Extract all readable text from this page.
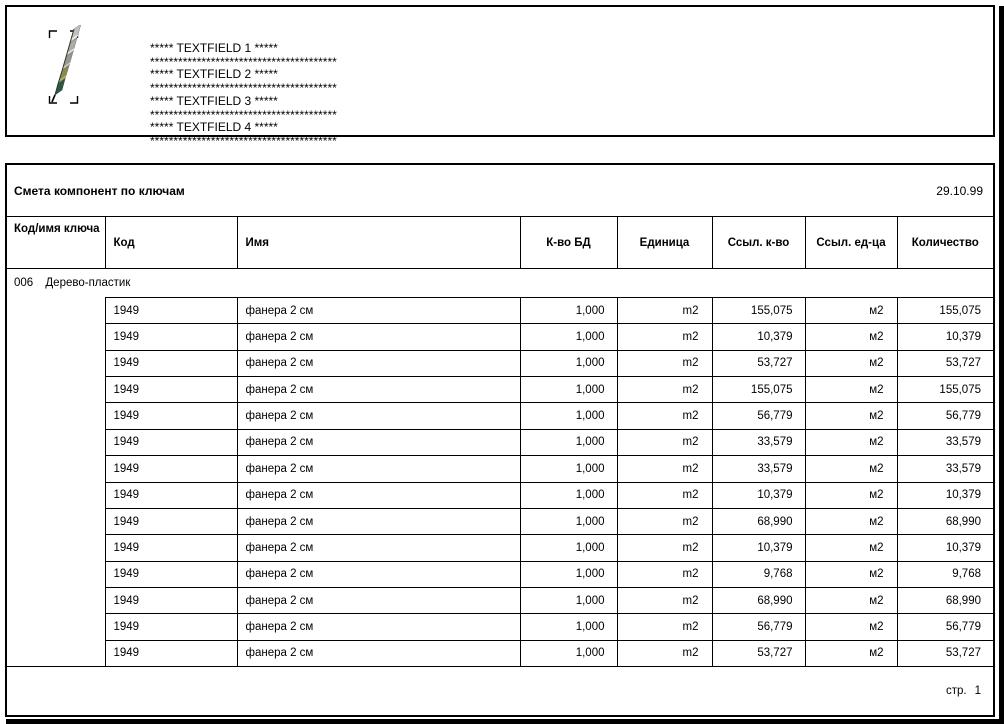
***** TEXTFIELD 1 *****
****************************************

***** TEXTFIELD 2 *****
****************************************

***** TEXTFIELD 3 *****
****************************************

***** TEXTFIELD 4 *****
****************************************

Смета компонент по ключам	29.10.99
Код/имя ключа	Код	Имя	К-во БД	Единица	Ссыл. к-во	Ссыл. ед-ца	Количество
006 Дерево-пластик							
	1949	фанера 2 см	1,000	m2	155,075	м2	155,075
	1949	фанера 2 см	1,000	m2	10,379	м2	10,379
	1949	фанера 2 см	1,000	m2	53,727	м2	53,727
	1949	фанера 2 см	1,000	m2	155,075	м2	155,075
	1949	фанера 2 см	1,000	m2	56,779	м2	56,779
	1949	фанера 2 см	1,000	m2	33,579	м2	33,579
	1949	фанера 2 см	1,000	m2	33,579	м2	33,579
	1949	фанера 2 см	1,000	m2	10,379	м2	10,379
	1949	фанера 2 см	1,000	m2	68,990	м2	68,990
	1949	фанера 2 см	1,000	m2	10,379	м2	10,379
	1949	фанера 2 см	1,000	m2	9,768	м2	9,768
	1949	фанера 2 см	1,000	m2	68,990	м2	68,990
	1949	фанера 2 см	1,000	m2	56,779	м2	56,779
	1949	фанера 2 см	1,000	m2	53,727	м2	53,727
стр. 1
